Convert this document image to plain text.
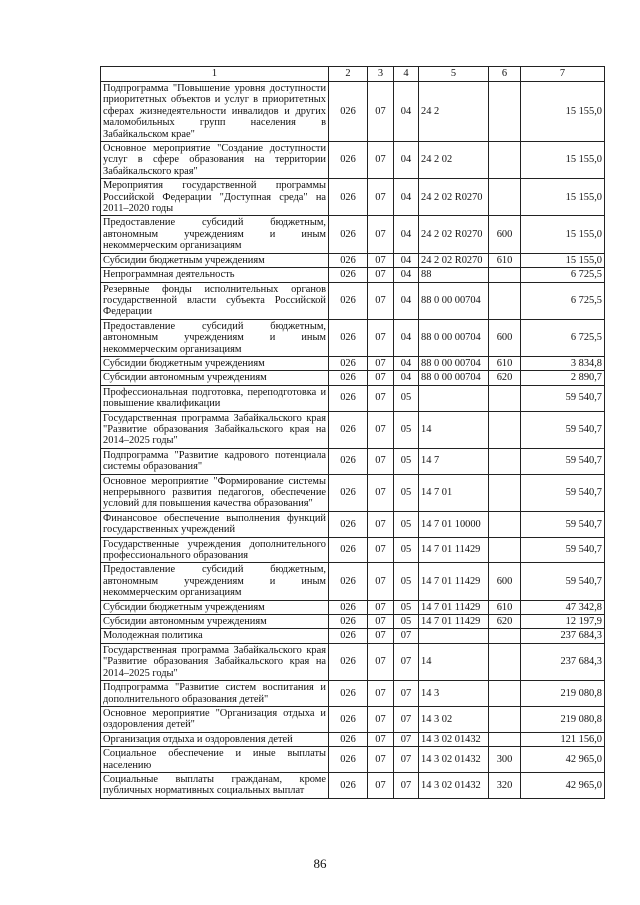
1	2	3	4	5	6	7
Подпрограмма "Повышение уровня доступности приоритетных объектов и услуг в приоритетных сферах жизнедеятельности инвалидов и других маломобильных групп населения в Забайкальском крае"	026	07	04	24 2		15 155,0
Основное мероприятие "Создание доступности услуг в сфере образования на территории Забайкальского края"	026	07	04	24 2 02		15 155,0
Мероприятия государственной программы Российской Федерации "Доступная среда" на 2011–2020 годы	026	07	04	24 2 02 R0270		15 155,0
Предоставление субсидий бюджетным, автономным учреждениям и иным некоммерческим организациям	026	07	04	24 2 02 R0270	600	15 155,0
Субсидии бюджетным учреждениям	026	07	04	24 2 02 R0270	610	15 155,0
Непрограммная деятельность	026	07	04	88		6 725,5
Резервные фонды исполнительных органов государственной власти субъекта Российской Федерации	026	07	04	88 0 00 00704		6 725,5
Предоставление субсидий бюджетным, автономным учреждениям и иным некоммерческим организациям	026	07	04	88 0 00 00704	600	6 725,5
Субсидии бюджетным учреждениям	026	07	04	88 0 00 00704	610	3 834,8
Субсидии автономным учреждениям	026	07	04	88 0 00 00704	620	2 890,7
Профессиональная подготовка, переподготовка и повышение квалификации	026	07	05			59 540,7
Государственная программа Забайкальского края "Развитие образования Забайкальского края на 2014–2025 годы"	026	07	05	14		59 540,7
Подпрограмма "Развитие кадрового потенциала системы образования"	026	07	05	14 7		59 540,7
Основное мероприятие "Формирование системы непрерывного развития педагогов, обеспечение условий для повышения качества образования"	026	07	05	14 7 01		59 540,7
Финансовое обеспечение выполнения функций государственных учреждений	026	07	05	14 7 01 10000		59 540,7
Государственные учреждения дополнительного профессионального образования	026	07	05	14 7 01 11429		59 540,7
Предоставление субсидий бюджетным, автономным учреждениям и иным некоммерческим организациям	026	07	05	14 7 01 11429	600	59 540,7
Субсидии бюджетным учреждениям	026	07	05	14 7 01 11429	610	47 342,8
Субсидии автономным учреждениям	026	07	05	14 7 01 11429	620	12 197,9
Молодежная политика	026	07	07			237 684,3
Государственная программа Забайкальского края "Развитие образования Забайкальского края на 2014–2025 годы"	026	07	07	14		237 684,3
Подпрограмма "Развитие систем воспитания и дополнительного образования детей"	026	07	07	14 3		219 080,8
Основное мероприятие "Организация отдыха и оздоровления детей"	026	07	07	14 3 02		219 080,8
Организация отдыха и оздоровления детей	026	07	07	14 3 02 01432		121 156,0
Социальное обеспечение и иные выплаты населению	026	07	07	14 3 02 01432	300	42 965,0
Социальные выплаты гражданам, кроме публичных нормативных социальных выплат	026	07	07	14 3 02 01432	320	42 965,0
86
